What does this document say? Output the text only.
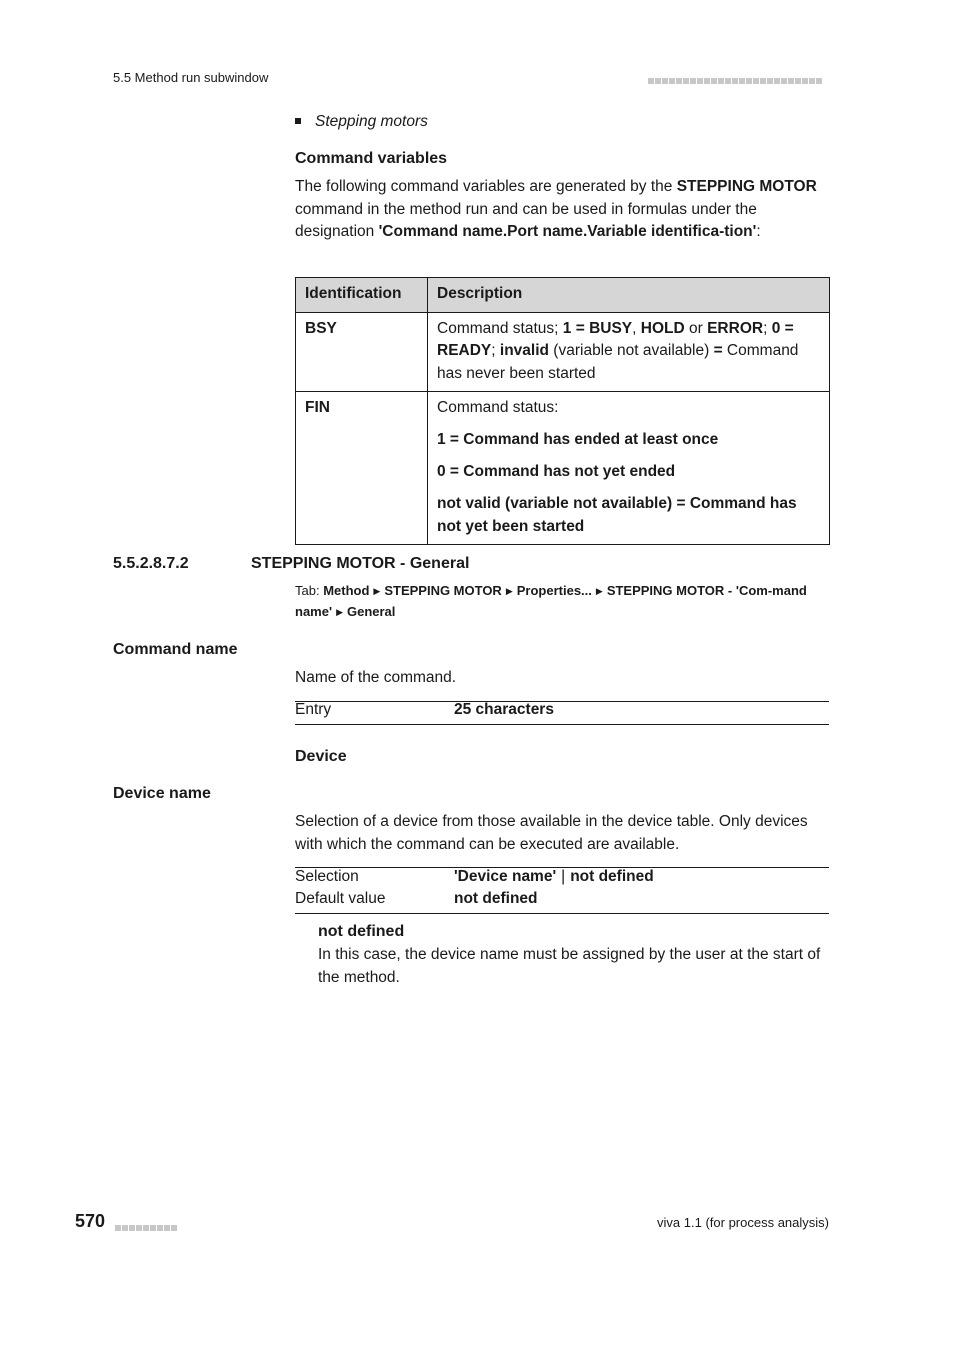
5.5 Method run subwindow
Stepping motors
Command variables
The following command variables are generated by the STEPPING MOTOR command in the method run and can be used in formulas under the designation 'Command name.Port name.Variable identifica-tion':
Identification	Description
BSY	Command status; 1 = BUSY, HOLD or ERROR; 0 = READY; invalid (variable not available) = Command has never been started
FIN	Command status:
1 = Command has ended at least once
0 = Command has not yet ended
not valid (variable not available) = Command has not yet been started
5.5.2.8.7.2	STEPPING MOTOR - General
Tab: Method ▶ STEPPING MOTOR ▶ Properties... ▶ STEPPING MOTOR - 'Com-mand name' ▶ General
Command name
Name of the command.
Entry	25 characters
Device
Device name
Selection of a device from those available in the device table. Only devices with which the command can be executed are available.
Selection	'Device name' | not defined
Default value	not defined
not defined
In this case, the device name must be assigned by the user at the start of the method.
570	viva 1.1 (for process analysis)
